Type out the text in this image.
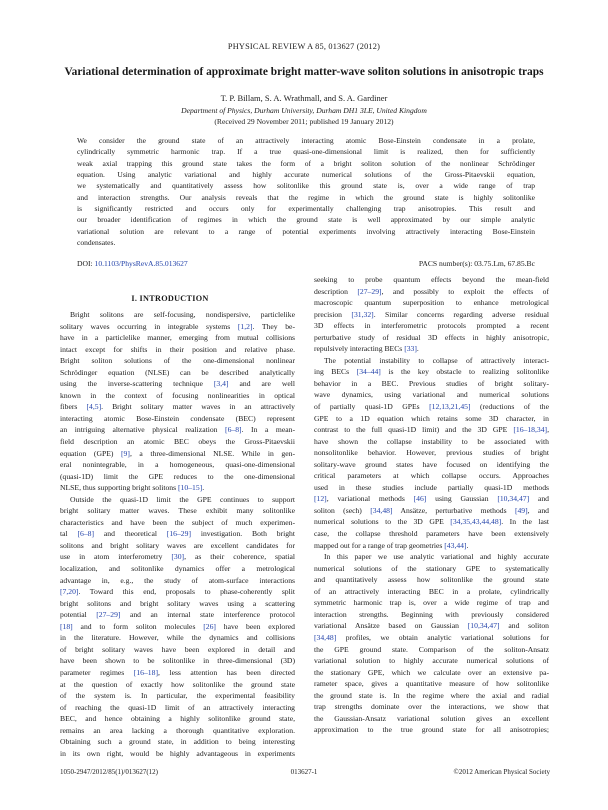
PHYSICAL REVIEW A 85, 013627 (2012)
Variational determination of approximate bright matter-wave soliton solutions in anisotropic traps
T. P. Billam, S. A. Wrathmall, and S. A. Gardiner
Department of Physics, Durham University, Durham DH1 3LE, United Kingdom
(Received 29 November 2011; published 19 January 2012)
We consider the ground state of an attractively interacting atomic Bose-Einstein condensate in a prolate,
cylindrically symmetric harmonic trap. If a true quasi-one-dimensional limit is realized, then for sufficiently
weak axial trapping this ground state takes the form of a bright soliton solution of the nonlinear Schrödinger
equation. Using analytic variational and highly accurate numerical solutions of the Gross-Pitaevskii equation,
we systematically and quantitatively assess how solitonlike this ground state is, over a wide range of trap
and interaction strengths. Our analysis reveals that the regime in which the ground state is highly solitonlike
is significantly restricted and occurs only for experimentally challenging trap anisotropies. This result and
our broader identification of regimes in which the ground state is well approximated by our simple analytic
variational solution are relevant to a range of potential experiments involving attractively interacting Bose-Einstein
condensates.
DOI: 10.1103/PhysRevA.85.013627	PACS number(s): 03.75.Lm, 67.85.Bc
I. INTRODUCTION
Bright solitons are self-focusing, nondispersive, particlelike
solitary waves occurring in integrable systems [1,2]. They be-
have in a particlelike manner, emerging from mutual collisions
intact except for shifts in their position and relative phase.
Bright soliton solutions of the one-dimensional nonlinear
Schrödinger equation (NLSE) can be described analytically
using the inverse-scattering technique [3,4] and are well
known in the context of focusing nonlinearities in optical
fibers [4,5]. Bright solitary matter waves in an attractively
interacting atomic Bose-Einstein condensate (BEC) represent
an intriguing alternative physical realization [6–8]. In a mean-
field description an atomic BEC obeys the Gross-Pitaevskii
equation (GPE) [9], a three-dimensional NLSE. While in gen-
eral nonintegrable, in a homogeneous, quasi-one-dimensional
(quasi-1D) limit the GPE reduces to the one-dimensional
NLSE, thus supporting bright solitons [10–15].
Outside the quasi-1D limit the GPE continues to support
bright solitary matter waves. These exhibit many solitonlike
characteristics and have been the subject of much experimen-
tal [6–8] and theoretical [16–29] investigation. Both bright
solitons and bright solitary waves are excellent candidates for
use in atom interferometry [30], as their coherence, spatial
localization, and solitonlike dynamics offer a metrological
advantage in, e.g., the study of atom-surface interactions
[7,20]. Toward this end, proposals to phase-coherently split
bright solitons and bright solitary waves using a scattering
potential [27–29] and an internal state interference protocol
[18] and to form soliton molecules [26] have been explored
in the literature. However, while the dynamics and collisions
of bright solitary waves have been explored in detail and
have been shown to be solitonlike in three-dimensional (3D)
parameter regimes [16–18], less attention has been directed
at the question of exactly how solitonlike the ground state
of the system is. In particular, the experimental feasibility
of reaching the quasi-1D limit of an attractively interacting
BEC, and hence obtaining a highly solitonlike ground state,
remains an area lacking a thorough quantitative exploration.
Obtaining such a ground state, in addition to being interesting
in its own right, would be highly advantageous in experiments
seeking to probe quantum effects beyond the mean-field
description [27–29], and possibly to exploit the effects of
macroscopic quantum superposition to enhance metrological
precision [31,32]. Similar concerns regarding adverse residual
3D effects in interferometric protocols prompted a recent
perturbative study of residual 3D effects in highly anisotropic,
repulsively interacting BECs [33].
The potential instability to collapse of attractively interact-
ing BECs [34–44] is the key obstacle to realizing solitonlike
behavior in a BEC. Previous studies of bright solitary-
wave dynamics, using variational and numerical solutions
of partially quasi-1D GPEs [12,13,21,45] (reductions of the
GPE to a 1D equation which retains some 3D character, in
contrast to the full quasi-1D limit) and the 3D GPE [16–18,34],
have shown the collapse instability to be associated with
nonsolitonlike behavior. However, previous studies of bright
solitary-wave ground states have focused on identifying the
critical parameters at which collapse occurs. Approaches
used in these studies include partially quasi-1D methods
[12], variational methods [46] using Gaussian [10,34,47] and
soliton (sech) [34,48] Ansätze, perturbative methods [49], and
numerical solutions to the 3D GPE [34,35,43,44,48]. In the last
case, the collapse threshold parameters have been extensively
mapped out for a range of trap geometries [43,44].
In this paper we use analytic variational and highly accurate
numerical solutions of the stationary GPE to systematically
and quantitatively assess how solitonlike the ground state
of an attractively interacting BEC in a prolate, cylindrically
symmetric harmonic trap is, over a wide regime of trap and
interaction strengths. Beginning with previously considered
variational Ansätze based on Gaussian [10,34,47] and soliton
[34,48] profiles, we obtain analytic variational solutions for
the GPE ground state. Comparison of the soliton-Ansatz
variational solution to highly accurate numerical solutions of
the stationary GPE, which we calculate over an extensive pa-
rameter space, gives a quantitative measure of how solitonlike
the ground state is. In the regime where the axial and radial
trap strengths dominate over the interactions, we show that
the Gaussian-Ansatz variational solution gives an excellent
approximation to the true ground state for all anisotropies;
1050-2947/2012/85(1)/013627(12)	013627-1	©2012 American Physical Society
